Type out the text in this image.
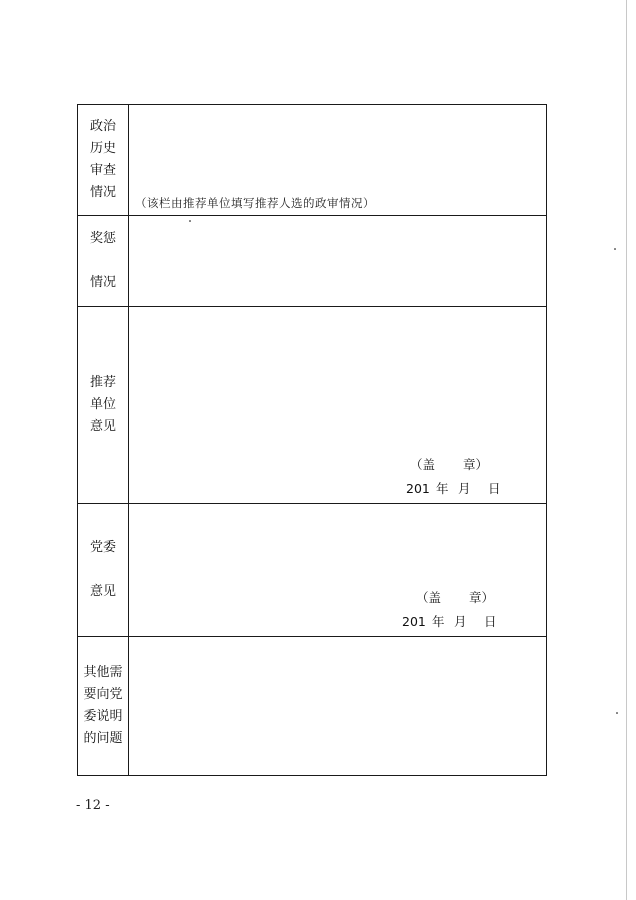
政治
历史
审查
情况	（该栏由推荐单位填写推荐人选的政审情况）

奖惩
情况	

推荐
单位
意见	（盖 章）
201 年 月 日

党委
意见	（盖 章）
201 年 月 日

其他需
要向党
委说明
的问题	

- 12 -
